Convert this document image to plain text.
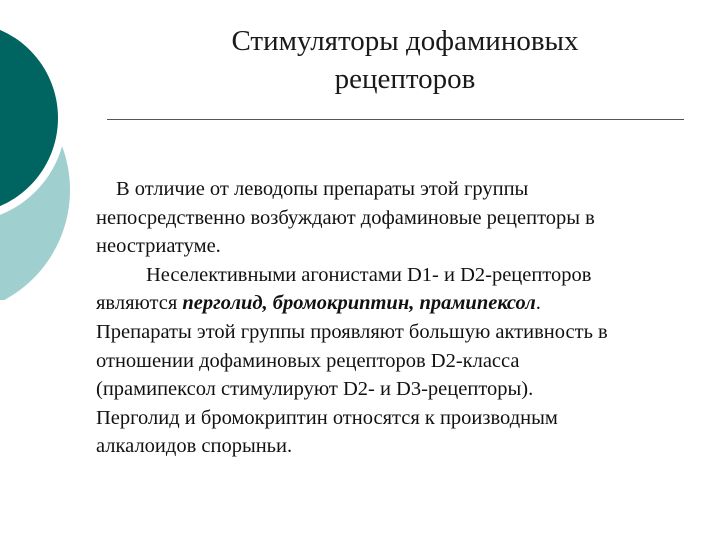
Стимуляторы дофаминовых
рецепторов
В отличие от леводопы препараты этой группы
непосредственно возбуждают дофаминовые рецепторы в
неостриатуме.
Неселективными агонистами D1- и D2-рецепторов
являются перголид, бромокриптин, прамипексол.
Препараты этой группы проявляют большую активность в
отношении дофаминовых рецепторов D2-класса
(прамипексол стимулируют D2- и D3-рецепторы).
Перголид и бромокриптин относятся к производным
алкалоидов спорыньи.
